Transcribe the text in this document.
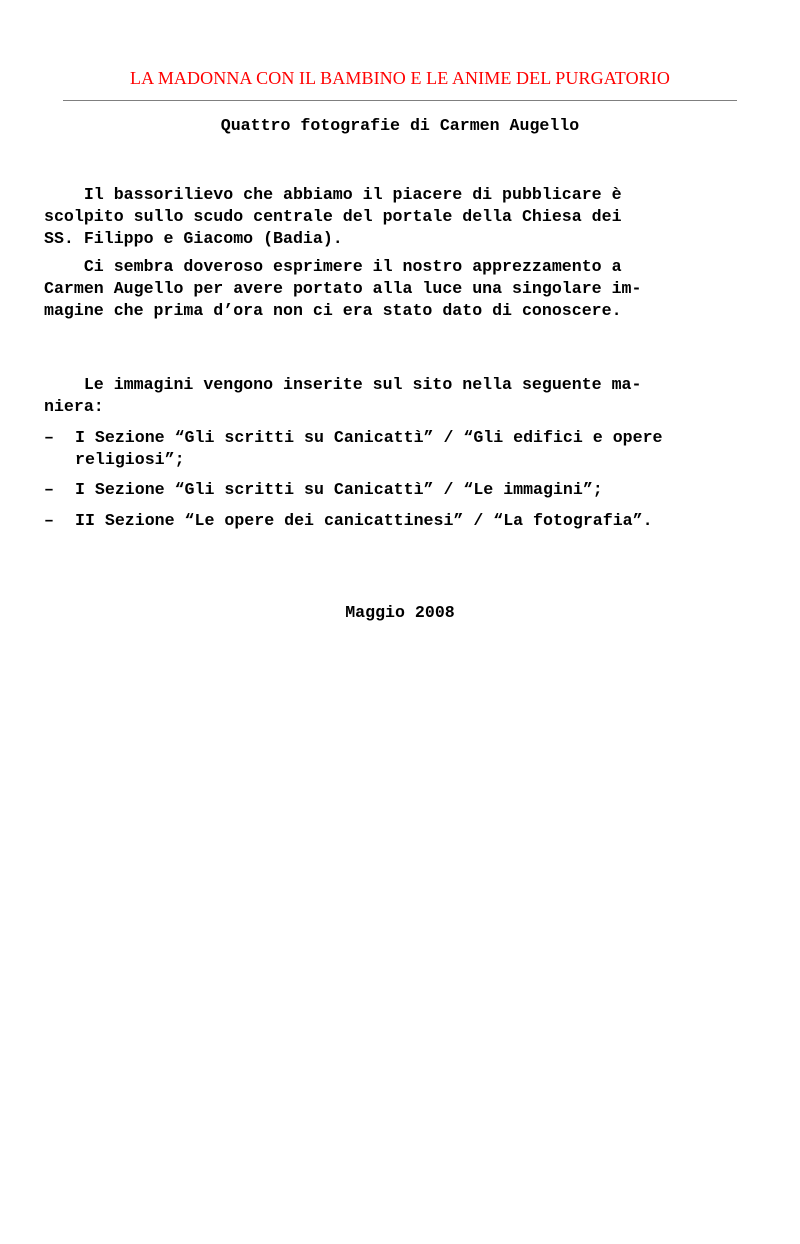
LA MADONNA CON IL BAMBINO E LE ANIME DEL PURGATORIO
Quattro fotografie di Carmen Augello
Il bassorilievo che abbiamo il piacere di pubblicare è
scolpito sullo scudo centrale del portale della Chiesa dei
SS. Filippo e Giacomo (Badia).
Ci sembra doveroso esprimere il nostro apprezzamento a
Carmen Augello per avere portato alla luce una singolare im-
magine che prima d’ora non ci era stato dato di conoscere.
Le immagini vengono inserite sul sito nella seguente ma-
niera:

–

I Sezione “Gli scritti su Canicattì” / “Gli edifici e opere

religiosi”;

–

I Sezione “Gli scritti su Canicattì” / “Le immagini”;

–

II Sezione “Le opere dei canicattinesi” / “La fotografia”.

Maggio 2008
